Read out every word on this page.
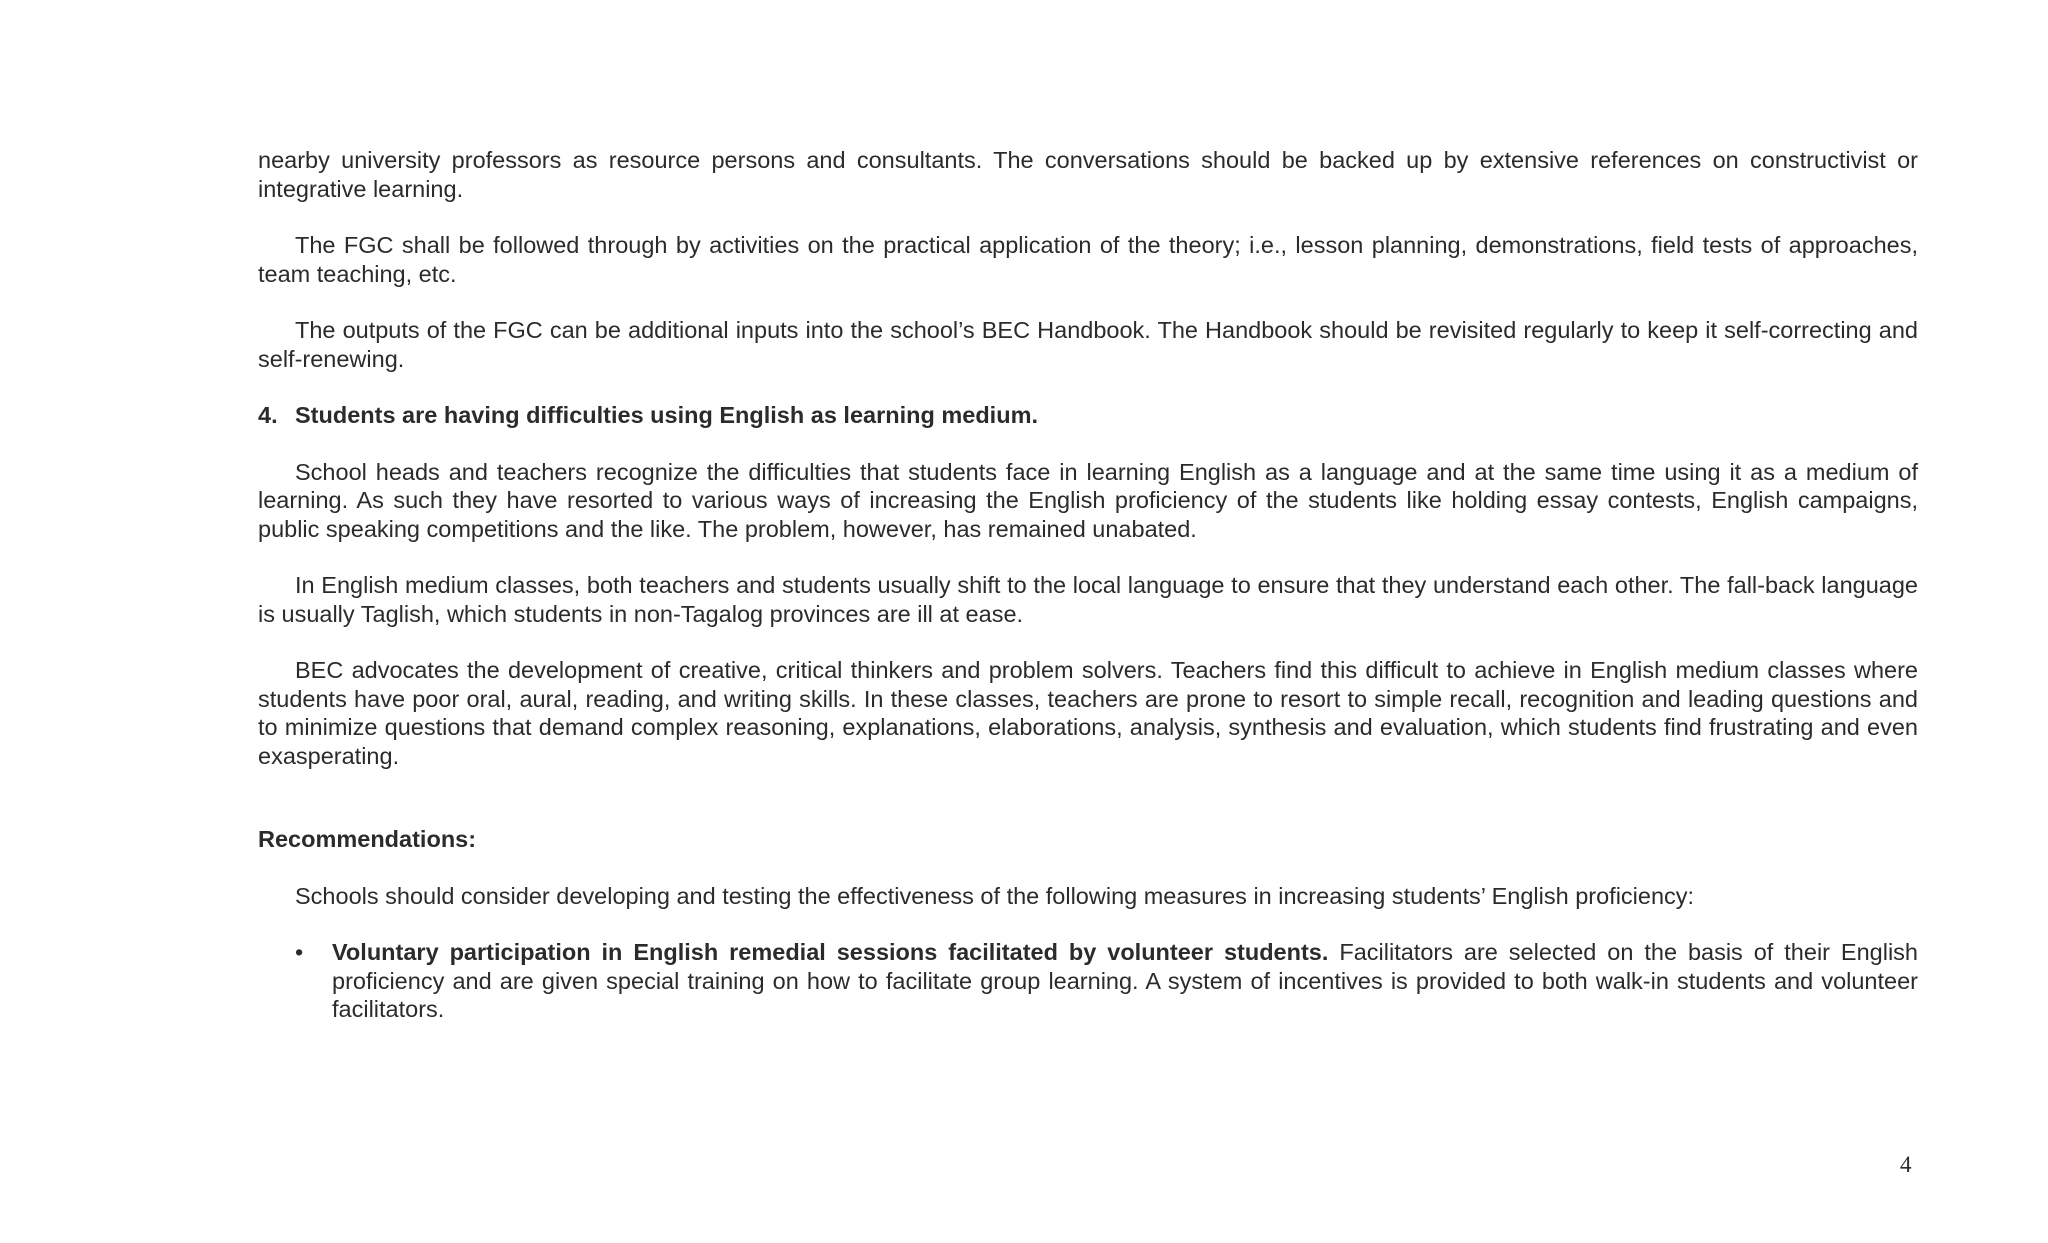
nearby university professors as resource persons and consultants. The conversations should be backed up by extensive references on constructivist or integrative learning.

The FGC shall be followed through by activities on the practical application of the theory; i.e., lesson planning, demonstrations, field tests of approaches, team teaching, etc.

The outputs of the FGC can be additional inputs into the school’s BEC Handbook. The Handbook should be revisited regularly to keep it self-correcting and self-renewing.

4. Students are having difficulties using English as learning medium.

School heads and teachers recognize the difficulties that students face in learning English as a language and at the same time using it as a medium of learning. As such they have resorted to various ways of increasing the English proficiency of the students like holding essay contests, English campaigns, public speaking competitions and the like. The problem, however, has remained unabated.

In English medium classes, both teachers and students usually shift to the local language to ensure that they understand each other. The fall-back language is usually Taglish, which students in non-Tagalog provinces are ill at ease.

BEC advocates the development of creative, critical thinkers and problem solvers. Teachers find this difficult to achieve in English medium classes where students have poor oral, aural, reading, and writing skills. In these classes, teachers are prone to resort to simple recall, recognition and leading questions and to minimize questions that demand complex reasoning, explanations, elaborations, analysis, synthesis and evaluation, which students find frustrating and even exasperating.

Recommendations:

Schools should consider developing and testing the effectiveness of the following measures in increasing students’ English proficiency:

•	Voluntary participation in English remedial sessions facilitated by volunteer students. Facilitators are selected on the basis of their English proficiency and are given special training on how to facilitate group learning. A system of incentives is provided to both walk-in students and volunteer facilitators.
4
